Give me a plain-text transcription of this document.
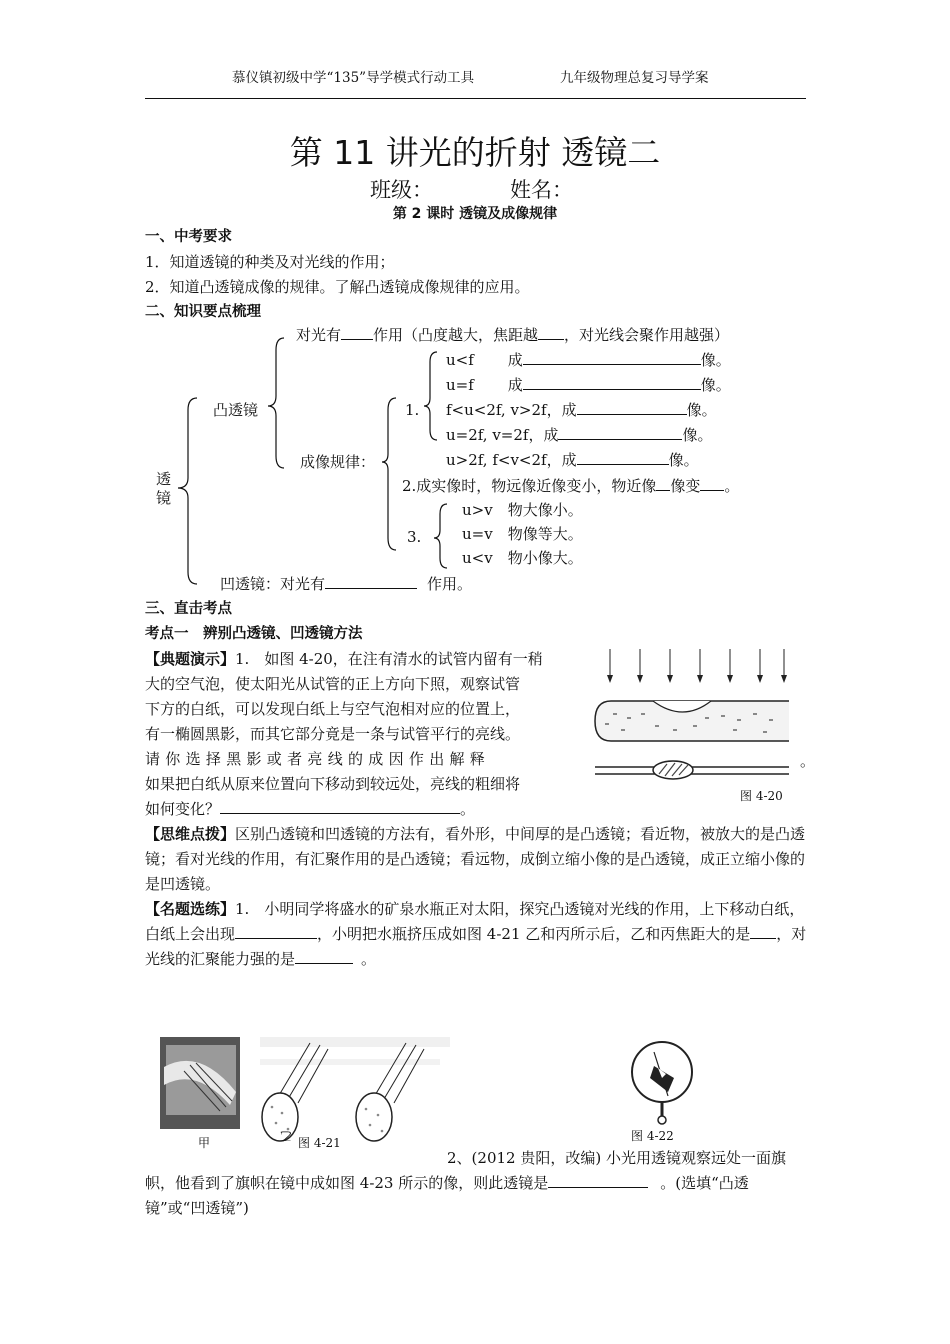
慕仪镇初级中学“135”导学模式行动工具	九年级物理总复习导学案
第 11 讲光的折射 透镜二
班级：	姓名：
第 2 课时 透镜及成像规律
一、中考要求
1．知道透镜的种类及对光线的作用；
2．知道凸透镜成像的规律。了解凸透镜成像规律的应用。
二、知识要点梳理
透镜
凸透镜
对光有 作用（凸度越大，焦距越 ，对光线会聚作用越强）
成像规律：
1.
u<f 成	像。
u=f 成	像。
f<u<2f, v>2f，成	像。
u=2f, v=2f，成	像。
u>2f, f<v<2f，成	像。
2.成实像时，物远像近像变小，物近像 像变 。
3.
u>v　物大像小。
u=v　物像等大。
u<v　物小像大。
凹透镜：对光有	作用。
三、直击考点
考点一　辨别凸透镜、凹透镜方法
【典题演示】1.　如图 4-20，在注有清水的试管内留有一稍
大的空气泡，使太阳光从试管的正上方向下照，观察试管
下方的白纸，可以发现白纸上与空气泡相对应的位置上，
有一椭圆黑影，而其它部分竟是一条与试管平行的亮线。
请你选择黑影或者亮线的成因作出解释
如果把白纸从原来位置向下移动到较远处，亮线的粗细将
如何变化？	。
。
图 4-20
【思维点拨】区别凸透镜和凹透镜的方法有，看外形，中间厚的是凸透镜；看近物，被放大的是凸透镜；看对光线的作用，有汇聚作用的是凸透镜；看远物，成倒立缩小像的是凸透镜，成正立缩小像的是凹透镜。
【名题选练】1.　小明同学将盛水的矿泉水瓶正对太阳，探究凸透镜对光线的作用，上下移动白纸，白纸上会出现	，小明把水瓶挤压成如图 4-21 乙和丙所示后，乙和丙焦距大的是 ，对光线的汇聚能力强的是	。
甲	乙 图 4-21	图 4-22
2、(2012 贵阳，改编) 小光用透镜观察远处一面旗
帜，他看到了旗帜在镜中成如图 4-23 所示的像，则此透镜是	。(选填“凸透
镜”或“凹透镜”)
